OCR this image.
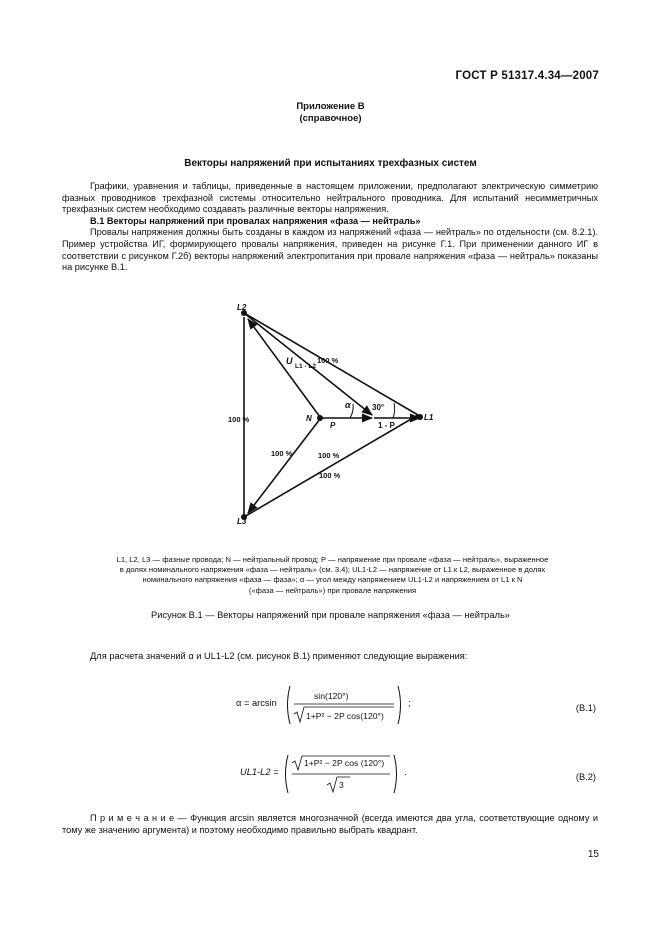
ГОСТ Р 51317.4.34—2007
Приложение В
(справочное)
Векторы напряжений при испытаниях трехфазных систем

Графики, уравнения и таблицы, приведенные в настоящем приложении, предполагают электрическую симметрию фазных проводников трехфазной системы относительно нейтрального проводника. Для испытаний несимметричных трехфазных систем необходимо создавать различные векторы напряжения.

В.1 Векторы напряжений при провалах напряжения «фаза — нейтраль»

Провалы напряжения должны быть созданы в каждом из напряжений «фаза — нейтраль» по отдельности (см. 8.2.1). Пример устройства ИГ, формирующего провалы напряжения, приведен на рисунке Г.1. При применении данного ИГ в соответствии с рисунком Г.2б) векторы напряжений электропитания при провале напряжения «фаза — нейтраль» показаны на рисунке В.1.

L2
L3
L1
N
U
L1 - L2
P	1 - P
α	30°
100 %
100 %
100 %	100 %
100 %
L1, L2, L3 — фазные провода; N — нейтральный провод; P — напряжение при провале «фаза — нейтраль», выраженное
в долях номинального напряжения «фаза — нейтраль» (см. 3.4); UL1-L2 — напряжение от L1 к L2, выраженное в долях
номинального напряжения «фаза — фаза»; α — угол между напряжением UL1-L2 и напряжением от L1 к N
(«фаза — нейтраль») при провале напряжения
Рисунок В.1 — Векторы напряжений при провале напряжения «фаза — нейтраль»
Для расчета значений α и UL1-L2 (см. рисунок В.1) применяют следующие выражения:
α = arcsin
sin(120°)
1+P² − 2P cos(120°)
;	(В.1)
UL1-L2 =
1+P² − 2P cos (120°)
3
.	(В.2)

П р и м е ч а н и е — Функция arcsin является многозначной (всегда имеются два угла, соответствующие одному и тому же значению аргумента) и поэтому необходимо правильно выбрать квадрант.

15
